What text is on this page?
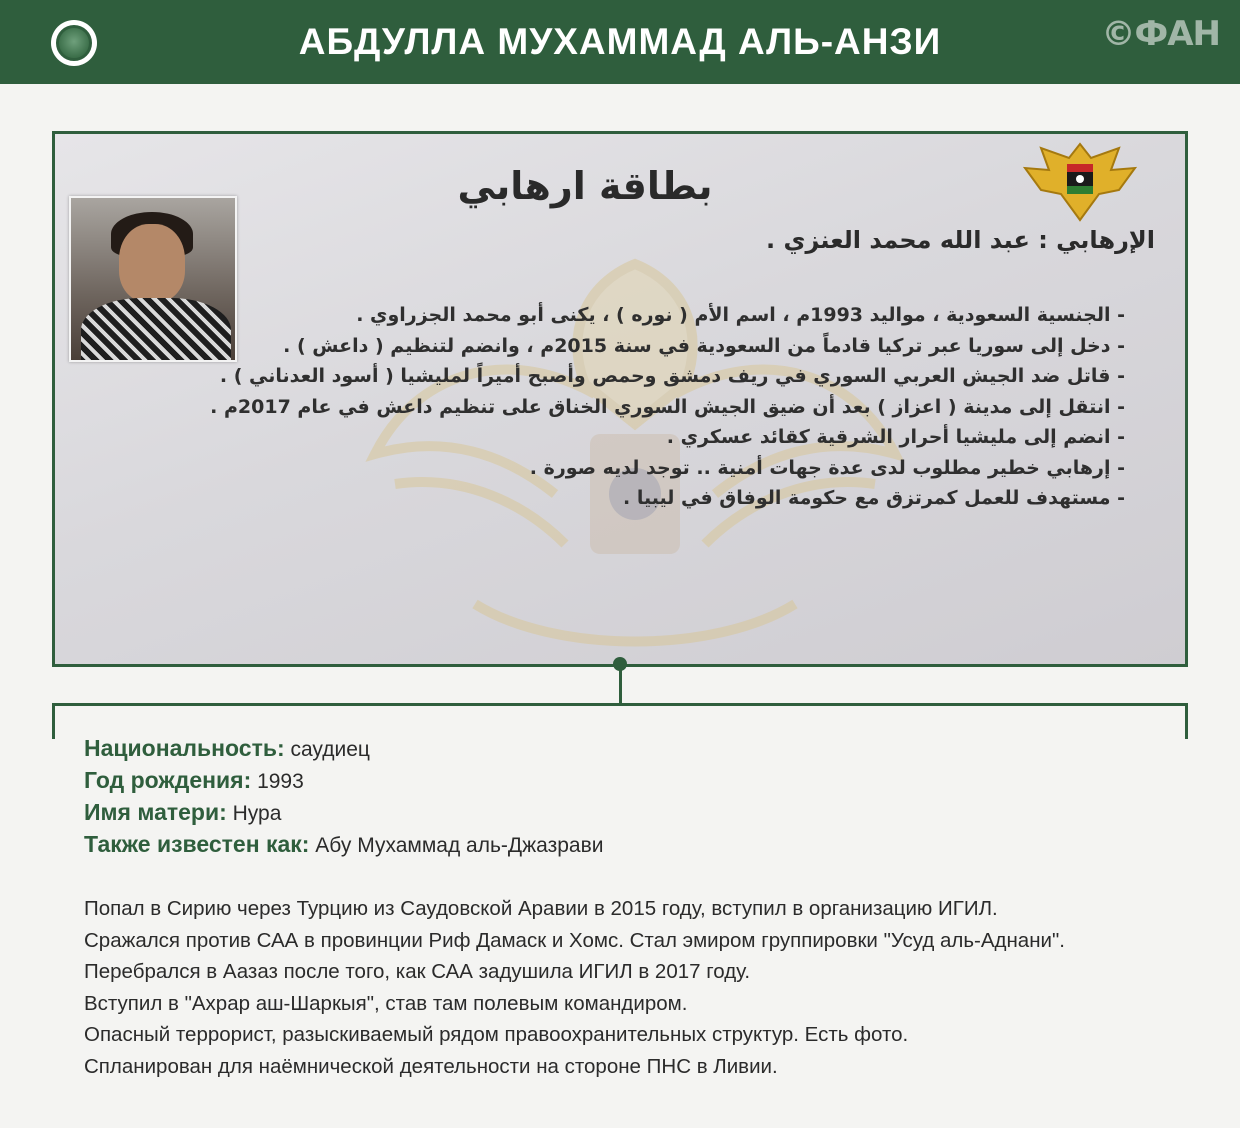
АБДУЛЛА МУХАММАД АЛЬ-АНЗИ	©ФАН
بطاقة ارهابي
الإرهابي : عبد الله محمد العنزي .
- الجنسية السعودية ، مواليد 1993م ، اسم الأم ( نوره ) ، يكنى أبو محمد الجزراوي .
- دخل إلى سوريا عبر تركيا قادماً من السعودية في سنة 2015م ، وانضم لتنظيم ( داعش ) .
- قاتل ضد الجيش العربي السوري في ريف دمشق وحمص وأصبح أميراً لمليشيا ( أسود العدناني ) .
- انتقل إلى مدينة ( اعزاز ) بعد أن ضيق الجيش السوري الخناق على تنظيم داعش في عام 2017م .
- انضم إلى مليشيا أحرار الشرقية كقائد عسكري .
- إرهابي خطير مطلوب لدى عدة جهات أمنية .. توجد لديه صورة .
- مستهدف للعمل كمرتزق مع حكومة الوفاق في ليبيا .
Национальность: саудиец
Год рождения: 1993
Имя матери: Нура
Также известен как: Абу Мухаммад аль-Джазрави
Попал в Сирию через Турцию из Саудовской Аравии в 2015 году, вступил в организацию ИГИЛ.
Сражался против САА в провинции Риф Дамаск и Хомс. Стал эмиром группировки "Усуд аль-Аднани".
Перебрался в Аазаз после того, как САА задушила ИГИЛ в 2017 году.
Вступил в "Ахрар аш-Шаркыя", став там полевым командиром.
Опасный террорист, разыскиваемый рядом правоохранительных структур. Есть фото.
Спланирован для наёмнической деятельности на стороне ПНС в Ливии.
